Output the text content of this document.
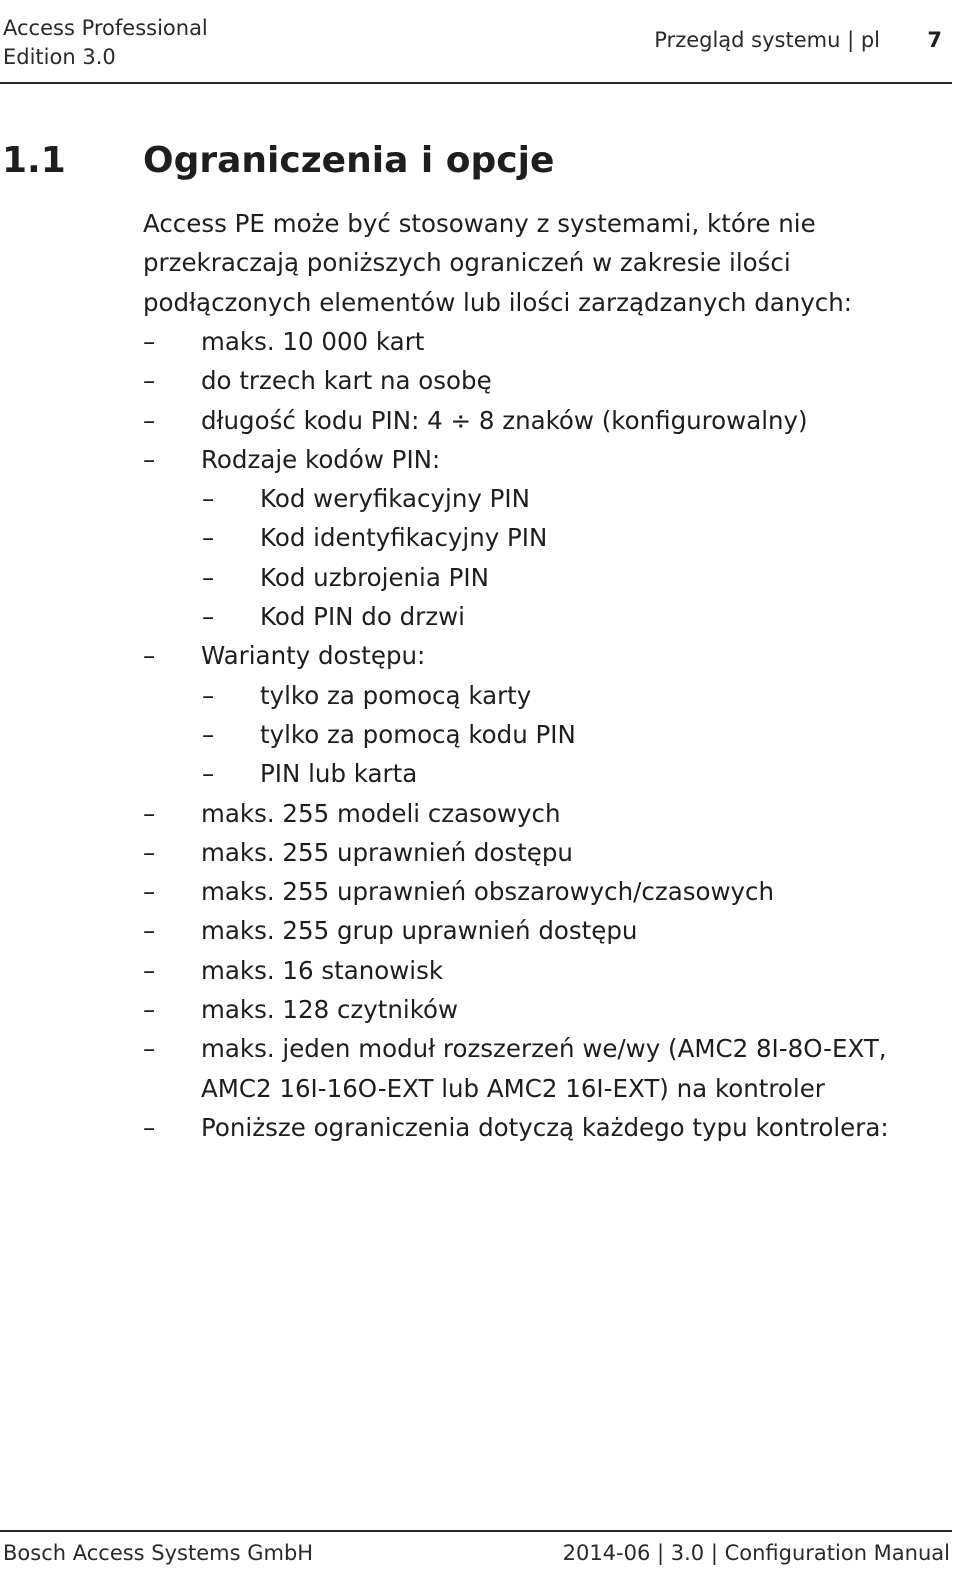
Access Professional
Edition 3.0
Przegląd systemu | pl 7
1.1 Ograniczenia i opcje

Access PE może być stosowany z systemami, które nie przekraczają poniższych ograniczeń w zakresie ilości podłączonych elementów lub ilości zarządzanych danych:

– maks. 10 000 kart
– do trzech kart na osobę
– długość kodu PIN: 4 ÷ 8 znaków (konfigurowalny)
– Rodzaje kodów PIN:
– Kod weryfikacyjny PIN
– Kod identyfikacyjny PIN
– Kod uzbrojenia PIN
– Kod PIN do drzwi
– Warianty dostępu:
– tylko za pomocą karty
– tylko za pomocą kodu PIN
– PIN lub karta
– maks. 255 modeli czasowych
– maks. 255 uprawnień dostępu
– maks. 255 uprawnień obszarowych/czasowych
– maks. 255 grup uprawnień dostępu
– maks. 16 stanowisk
– maks. 128 czytników
– maks. jeden moduł rozszerzeń we/wy (AMC2 8I-8O-EXT,
AMC2 16I-16O-EXT lub AMC2 16I-EXT) na kontroler
– Poniższe ograniczenia dotyczą każdego typu kontrolera:
Bosch Access Systems GmbH	2014-06 | 3.0 | Configuration Manual
